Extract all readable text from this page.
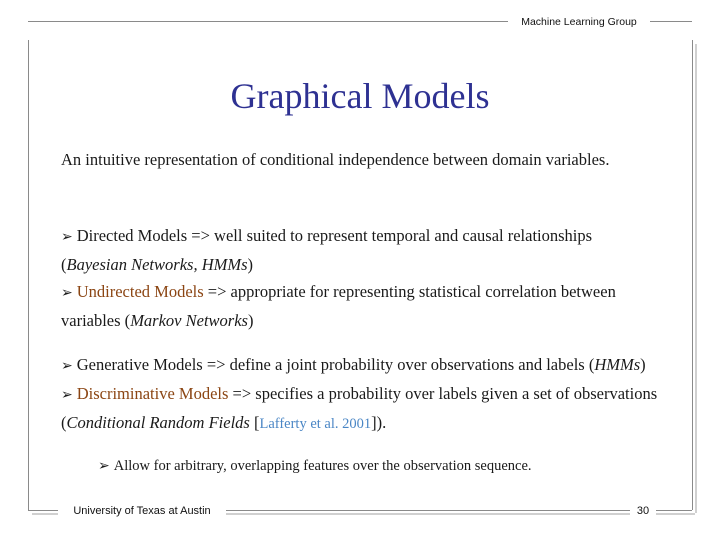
Machine Learning Group
Graphical Models
An intuitive representation of conditional independence between domain variables.
➢ Directed Models => well suited to represent temporal and causal relationships (Bayesian Networks, HMMs)
➢ Undirected Models => appropriate for representing statistical correlation between variables (Markov Networks)
➢ Generative Models => define a joint probability over observations and labels (HMMs)
➢ Discriminative Models => specifies a probability over labels given a set of observations (Conditional Random Fields [Lafferty et al. 2001]).
➢ Allow for arbitrary, overlapping features over the observation sequence.
University of Texas at Austin	30
